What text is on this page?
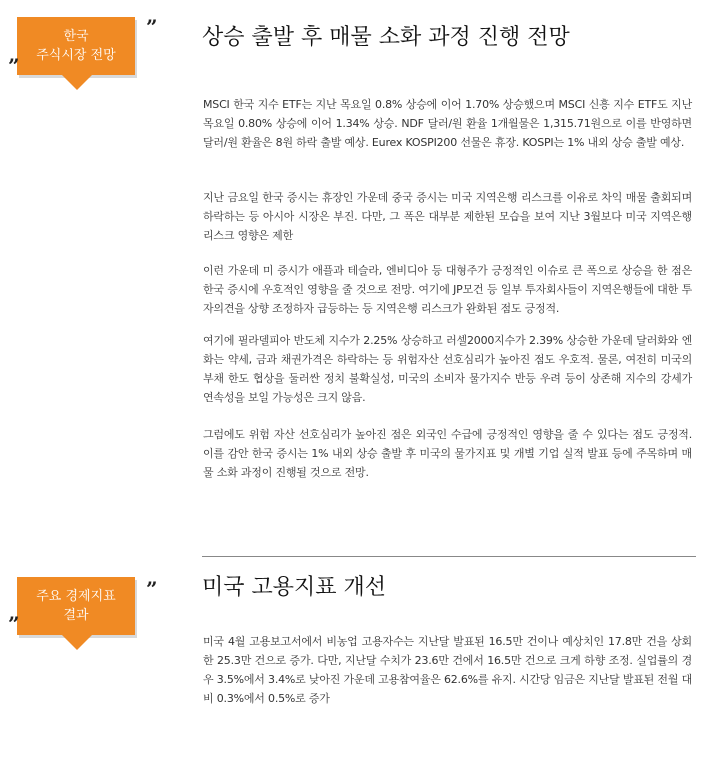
한국
주식시장 전망
”
” 상승 출발 후 매물 소화 과정 진행 전망

MSCI 한국 지수 ETF는 지난 목요일 0.8% 상승에 이어 1.70% 상승했으며 MSCI 신흥 지수 ETF도 지난 목요일 0.80% 상승에 이어 1.34% 상승. NDF 달러/원 환율 1개월물은 1,315.71원으로 이를 반영하면 달러/원 환율은 8원 하락 출발 예상. Eurex KOSPI200 선물은 휴장. KOSPI는 1% 내외 상승 출발 예상.

지난 금요일 한국 증시는 휴장인 가운데 중국 증시는 미국 지역은행 리스크를 이유로 차익 매물 출회되며 하락하는 등 아시아 시장은 부진. 다만, 그 폭은 대부분 제한된 모습을 보여 지난 3월보다 미국 지역은행 리스크 영향은 제한

이런 가운데 미 증시가 애플과 테슬라, 엔비디아 등 대형주가 긍정적인 이슈로 큰 폭으로 상승을 한 점은 한국 증시에 우호적인 영향을 줄 것으로 전망. 여기에 JP모건 등 일부 투자회사들이 지역은행들에 대한 투자의견을 상향 조정하자 급등하는 등 지역은행 리스크가 완화된 점도 긍정적.

여기에 필라델피아 반도체 지수가 2.25% 상승하고 러셀2000지수가 2.39% 상승한 가운데 달러화와 엔화는 약세, 금과 채권가격은 하락하는 등 위험자산 선호심리가 높아진 점도 우호적. 물론, 여전히 미국의 부채 한도 협상을 둘러싼 정치 불확실성, 미국의 소비자 물가지수 반등 우려 등이 상존해 지수의 강세가 연속성을 보일 가능성은 크지 않음.

그럼에도 위험 자산 선호심리가 높아진 점은 외국인 수급에 긍정적인 영향을 줄 수 있다는 점도 긍정적. 이를 감안 한국 증시는 1% 내외 상승 출발 후 미국의 물가지표 및 개별 기업 실적 발표 등에 주목하며 매물 소화 과정이 진행될 것으로 전망.

주요 경제지표
결과
”
” 미국 고용지표 개선

미국 4월 고용보고서에서 비농업 고용자수는 지난달 발표된 16.5만 건이나 예상치인 17.8만 건을 상회한 25.3만 건으로 증가. 다만, 지난달 수치가 23.6만 건에서 16.5만 건으로 크게 하향 조정. 실업률의 경우 3.5%에서 3.4%로 낮아진 가운데 고용참여율은 62.6%를 유지. 시간당 임금은 지난달 발표된 전월 대비 0.3%에서 0.5%로 증가
